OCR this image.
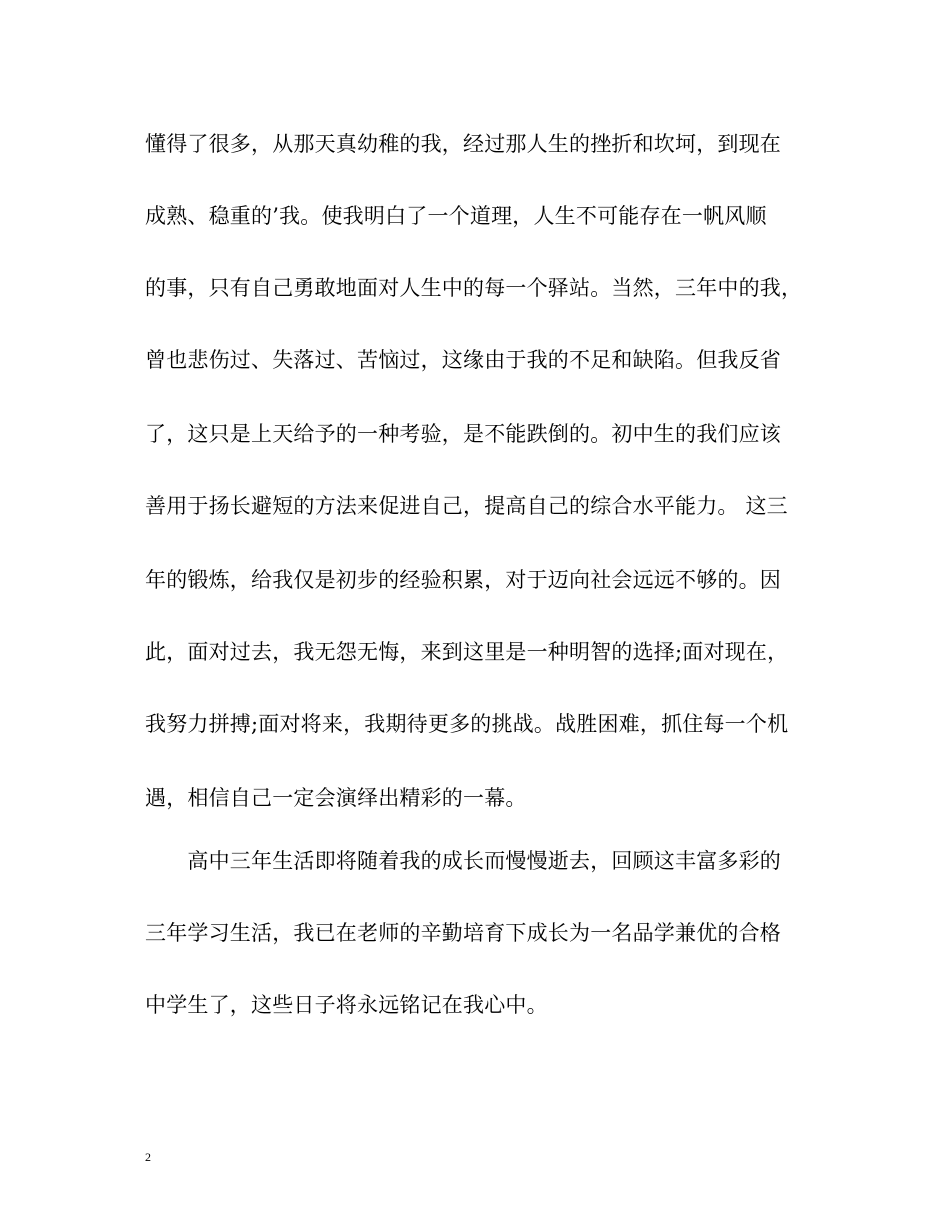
懂得了很多，从那天真幼稚的我，经过那人生的挫折和坎坷，到现在
成熟、稳重的’我。使我明白了一个道理，人生不可能存在一帆风顺
的事，只有自己勇敢地面对人生中的每一个驿站。当然，三年中的我，
曾也悲伤过、失落过、苦恼过，这缘由于我的不足和缺陷。但我反省
了，这只是上天给予的一种考验，是不能跌倒的。初中生的我们应该
善用于扬长避短的方法来促进自己，提高自己的综合水平能力。 这三
年的锻炼，给我仅是初步的经验积累，对于迈向社会远远不够的。因
此，面对过去，我无怨无悔，来到这里是一种明智的选择;面对现在，
我努力拼搏;面对将来，我期待更多的挑战。战胜困难，抓住每一个机
遇，相信自己一定会演绎出精彩的一幕。
　　高中三年生活即将随着我的成长而慢慢逝去，回顾这丰富多彩的
三年学习生活，我已在老师的辛勤培育下成长为一名品学兼优的合格
中学生了，这些日子将永远铭记在我心中。
2
